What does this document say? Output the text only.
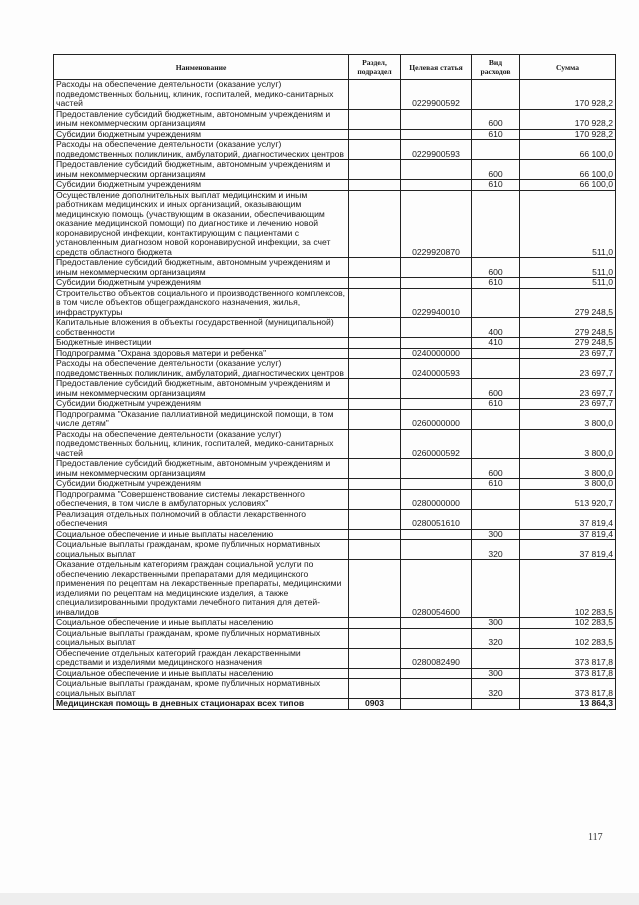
Наименование	Раздел, подраздел	Целевая статья	Вид расходов	Сумма
Расходы на обеспечение деятельности (оказание услуг) подведомственных больниц, клиник, госпиталей, медико-санитарных частей		0229900592		170 928,2
Предоставление субсидий бюджетным, автономным учреждениям и иным некоммерческим организациям			600	170 928,2
Субсидии бюджетным учреждениям			610	170 928,2
Расходы на обеспечение деятельности (оказание услуг) подведомственных поликлиник, амбулаторий, диагностических центров		0229900593		66 100,0
Предоставление субсидий бюджетным, автономным учреждениям и иным некоммерческим организациям			600	66 100,0
Субсидии бюджетным учреждениям			610	66 100,0
Осуществление дополнительных выплат медицинским и иным работникам медицинских и иных организаций, оказывающим медицинскую помощь (участвующим в оказании, обеспечивающим оказание медицинской помощи) по диагностике и лечению новой коронавирусной инфекции, контактирующим с пациентами с установленным диагнозом новой коронавирусной инфекции, за счет средств областного бюджета		0229920870		511,0
Предоставление субсидий бюджетным, автономным учреждениям и иным некоммерческим организациям			600	511,0
Субсидии бюджетным учреждениям			610	511,0
Строительство объектов социального и производственного комплексов, в том числе объектов общегражданского назначения, жилья, инфраструктуры		0229940010		279 248,5
Капитальные вложения в объекты государственной (муниципальной) собственности			400	279 248,5
Бюджетные инвестиции			410	279 248,5
Подпрограмма "Охрана здоровья матери и ребенка"		0240000000		23 697,7
Расходы на обеспечение деятельности (оказание услуг) подведомственных поликлиник, амбулаторий, диагностических центров		0240000593		23 697,7
Предоставление субсидий бюджетным, автономным учреждениям и иным некоммерческим организациям			600	23 697,7
Субсидии бюджетным учреждениям			610	23 697,7
Подпрограмма "Оказание паллиативной медицинской помощи, в том числе детям"		0260000000		3 800,0
Расходы на обеспечение деятельности (оказание услуг) подведомственных больниц, клиник, госпиталей, медико-санитарных частей		0260000592		3 800,0
Предоставление субсидий бюджетным, автономным учреждениям и иным некоммерческим организациям			600	3 800,0
Субсидии бюджетным учреждениям			610	3 800,0
Подпрограмма "Совершенствование системы лекарственного обеспечения, в том числе в амбулаторных условиях"		0280000000		513 920,7
Реализация отдельных полномочий в области лекарственного обеспечения		0280051610		37 819,4
Социальное обеспечение и иные выплаты населению			300	37 819,4
Социальные выплаты гражданам, кроме публичных нормативных социальных выплат			320	37 819,4
Оказание отдельным категориям граждан социальной услуги по обеспечению лекарственными препаратами для медицинского применения по рецептам на лекарственные препараты, медицинскими изделиями по рецептам на медицинские изделия, а также специализированными продуктами лечебного питания для детей-инвалидов		0280054600		102 283,5
Социальное обеспечение и иные выплаты населению			300	102 283,5
Социальные выплаты гражданам, кроме публичных нормативных социальных выплат			320	102 283,5
Обеспечение отдельных категорий граждан лекарственными средствами и изделиями медицинского назначения		0280082490		373 817,8
Социальное обеспечение и иные выплаты населению			300	373 817,8
Социальные выплаты гражданам, кроме публичных нормативных социальных выплат			320	373 817,8
Медицинская помощь в дневных стационарах всех типов	0903			13 864,3
117
